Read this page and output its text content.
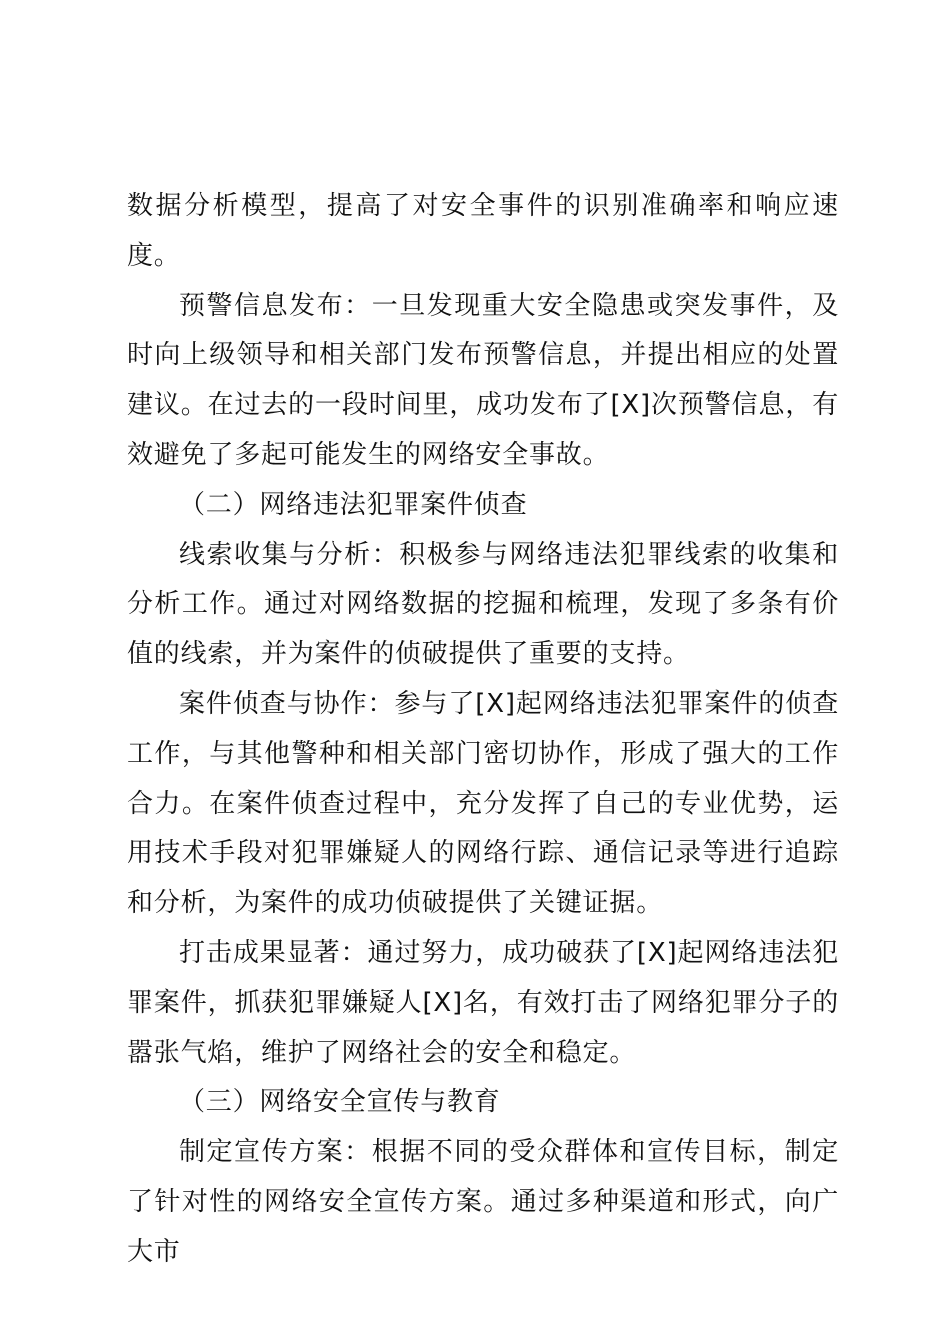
数据分析模型，提高了对安全事件的识别准确率和响应速度。

预警信息发布：一旦发现重大安全隐患或突发事件，及时向上级领导和相关部门发布预警信息，并提出相应的处置建议。在过去的一段时间里，成功发布了[X]次预警信息，有效避免了多起可能发生的网络安全事故。

（二）网络违法犯罪案件侦查

线索收集与分析：积极参与网络违法犯罪线索的收集和分析工作。通过对网络数据的挖掘和梳理，发现了多条有价值的线索，并为案件的侦破提供了重要的支持。

案件侦查与协作：参与了[X]起网络违法犯罪案件的侦查工作，与其他警种和相关部门密切协作，形成了强大的工作合力。在案件侦查过程中，充分发挥了自己的专业优势，运用技术手段对犯罪嫌疑人的网络行踪、通信记录等进行追踪和分析，为案件的成功侦破提供了关键证据。

打击成果显著：通过努力，成功破获了[X]起网络违法犯罪案件，抓获犯罪嫌疑人[X]名，有效打击了网络犯罪分子的嚣张气焰，维护了网络社会的安全和稳定。

（三）网络安全宣传与教育

制定宣传方案：根据不同的受众群体和宣传目标，制定了针对性的网络安全宣传方案。通过多种渠道和形式，向广大市
